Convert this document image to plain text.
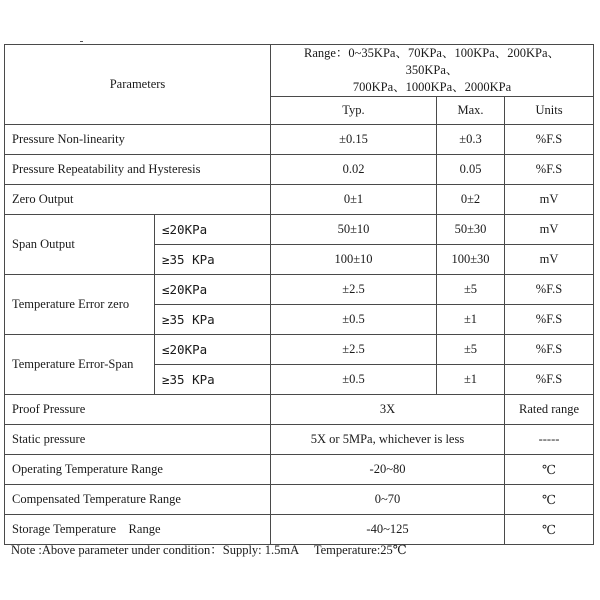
Parameters		Range：0~35KPa、70KPa、100KPa、200KPa、350KPa、
700KPa、1000KPa、2000KPa		

		Typ.	Max.	Units
Pressure Non-linearity		±0.15	±0.3	%F.S
Pressure Repeatability and Hysteresis		0.02	0.05	%F.S
Zero Output		0±1	0±2	mV
Span Output	≤20KPa	50±10	50±30	mV
	≥35 KPa	100±10	100±30	mV
Temperature Error zero	≤20KPa	±2.5	±5	%F.S
	≥35 KPa	±0.5	±1	%F.S
Temperature Error-Span	≤20KPa	±2.5	±5	%F.S
	≥35 KPa	±0.5	±1	%F.S
Proof Pressure		3X		Rated range
Static pressure		5X or 5MPa, whichever is less		-----
Operating Temperature Range		-20~80		℃
Compensated Temperature Range		0~70		℃
Storage Temperature    Range		-40~125		℃
Note :Above parameter under condition：Supply: 1.5mA     Temperature:25℃
